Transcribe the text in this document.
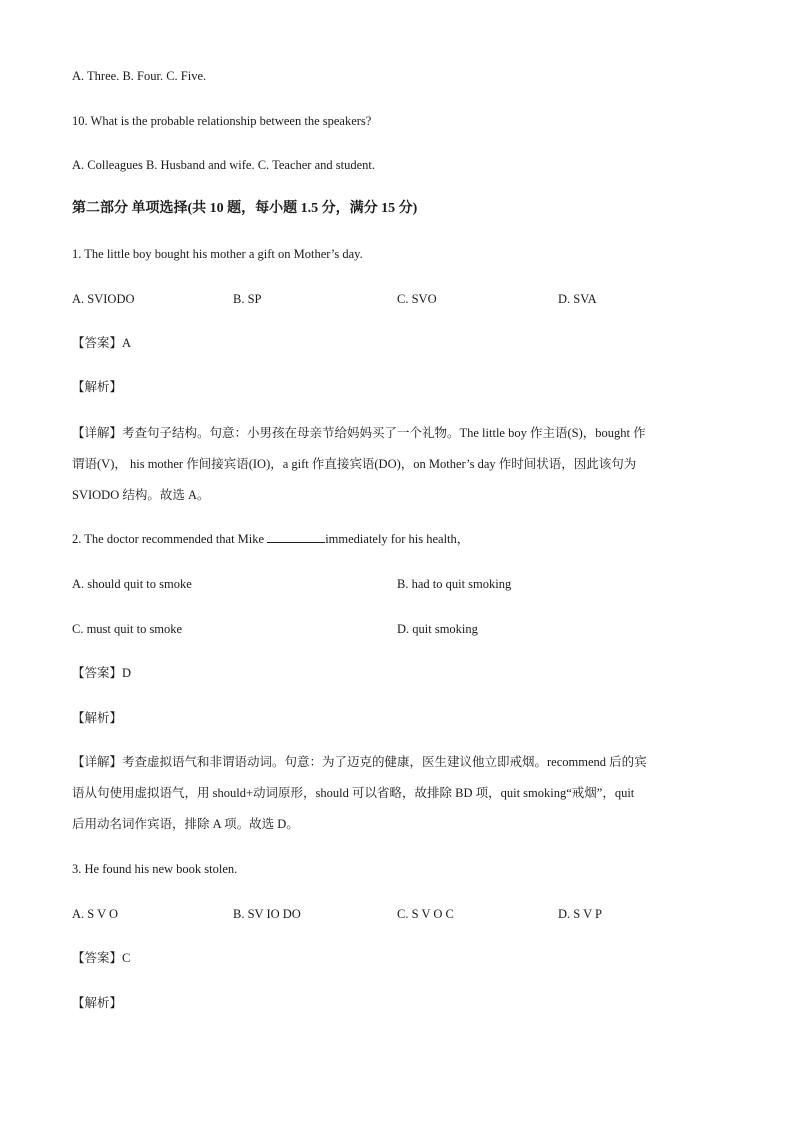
A. Three. B. Four. C. Five.
10. What is the probable relationship between the speakers?
A. Colleagues B. Husband and wife. C. Teacher and student.
第二部分 单项选择(共 10 题，每小题 1.5 分，满分 15 分)
1. The little boy bought his mother a gift on Mother’s day.
A. SVIODO	B. SP	C. SVO	D. SVA
【答案】A
【解析】
【详解】考查句子结构。句意：小男孩在母亲节给妈妈买了一个礼物。The little boy 作主语(S)，bought 作
谓语(V)， his mother 作间接宾语(IO)，a gift 作直接宾语(DO)，on Mother’s day 作时间状语，因此该句为
SVIODO 结构。故选 A。
2. The doctor recommended that Mike	immediately for his health，
A. should quit to smoke	B. had to quit smoking
C. must quit to smoke	D. quit smoking
【答案】D
【解析】
【详解】考查虚拟语气和非谓语动词。句意：为了迈克的健康，医生建议他立即戒烟。recommend 后的宾
语从句使用虚拟语气，用 should+动词原形，should 可以省略，故排除 BD 项，quit smoking“戒烟”，quit
后用动名词作宾语，排除 A 项。故选 D。
3. He found his new book stolen.
A. S V O	B. SV IO DO	C. S V O C	D. S V P
【答案】C
【解析】
